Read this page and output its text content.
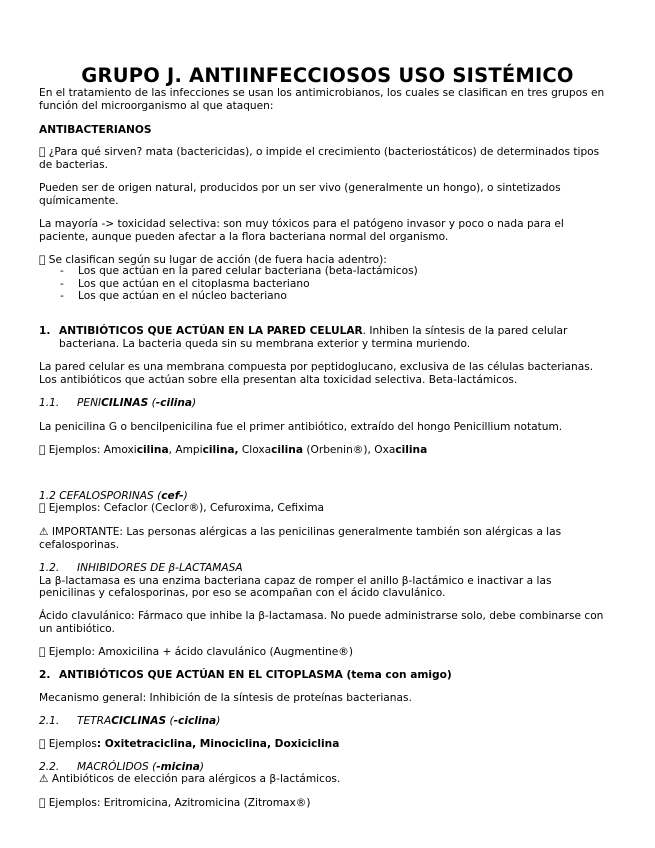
GRUPO J. ANTIINFECCIOSOS USO SISTÉMICO
En el tratamiento de las infecciones se usan los antimicrobianos, los cuales se clasifican en tres grupos en
función del microorganismo al que ataquen:
ANTIBACTERIANOS
¿Para qué sirven? mata (bactericidas), o impide el crecimiento (bacteriostáticos) de determinados tipos
de bacterias.
Pueden ser de origen natural, producidos por un ser vivo (generalmente un hongo), o sintetizados
químicamente.
La mayoría -> toxicidad selectiva: son muy tóxicos para el patógeno invasor y poco o nada para el
paciente, aunque pueden afectar a la flora bacteriana normal del organismo.
Se clasifican según su lugar de acción (de fuera hacia adentro):
- Los que actúan en la pared celular bacteriana (beta-lactámicos)
- Los que actúan en el citoplasma bacteriano
- Los que actúan en el núcleo bacteriano
1. ANTIBIÓTICOS QUE ACTÚAN EN LA PARED CELULAR. Inhiben la síntesis de la pared celular
bacteriana. La bacteria queda sin su membrana exterior y termina muriendo.
La pared celular es una membrana compuesta por peptidoglucano, exclusiva de las células bacterianas.
Los antibióticos que actúan sobre ella presentan alta toxicidad selectiva. Beta-lactámicos.
1.1. PENICILINAS (-cilina)
La penicilina G o bencilpenicilina fue el primer antibiótico, extraído del hongo Penicillium notatum.
Ejemplos: Amoxicilina, Ampicilina, Cloxacilina (Orbenin®), Oxacilina
1.2 CEFALOSPORINAS (cef-)
Ejemplos: Cefaclor (Ceclor®), Cefuroxima, Cefixima
⚠ IMPORTANTE: Las personas alérgicas a las penicilinas generalmente también son alérgicas a las
cefalosporinas.
1.2. INHIBIDORES DE β-LACTAMASA
La β-lactamasa es una enzima bacteriana capaz de romper el anillo β-lactámico e inactivar a las
penicilinas y cefalosporinas, por eso se acompañan con el ácido clavulánico.
Ácido clavulánico: Fármaco que inhibe la β-lactamasa. No puede administrarse solo, debe combinarse con
un antibiótico.
Ejemplo: Amoxicilina + ácido clavulánico (Augmentine®)
2. ANTIBIÓTICOS QUE ACTÚAN EN EL CITOPLASMA (tema con amigo)
Mecanismo general: Inhibición de la síntesis de proteínas bacterianas.
2.1. TETRACICLINAS (-ciclina)
Ejemplos: Oxitetraciclina, Minociclina, Doxiciclina
2.2. MACRÓLIDOS (-micina)
⚠ Antibióticos de elección para alérgicos a β-lactámicos.
Ejemplos: Eritromicina, Azitromicina (Zitromax®)
